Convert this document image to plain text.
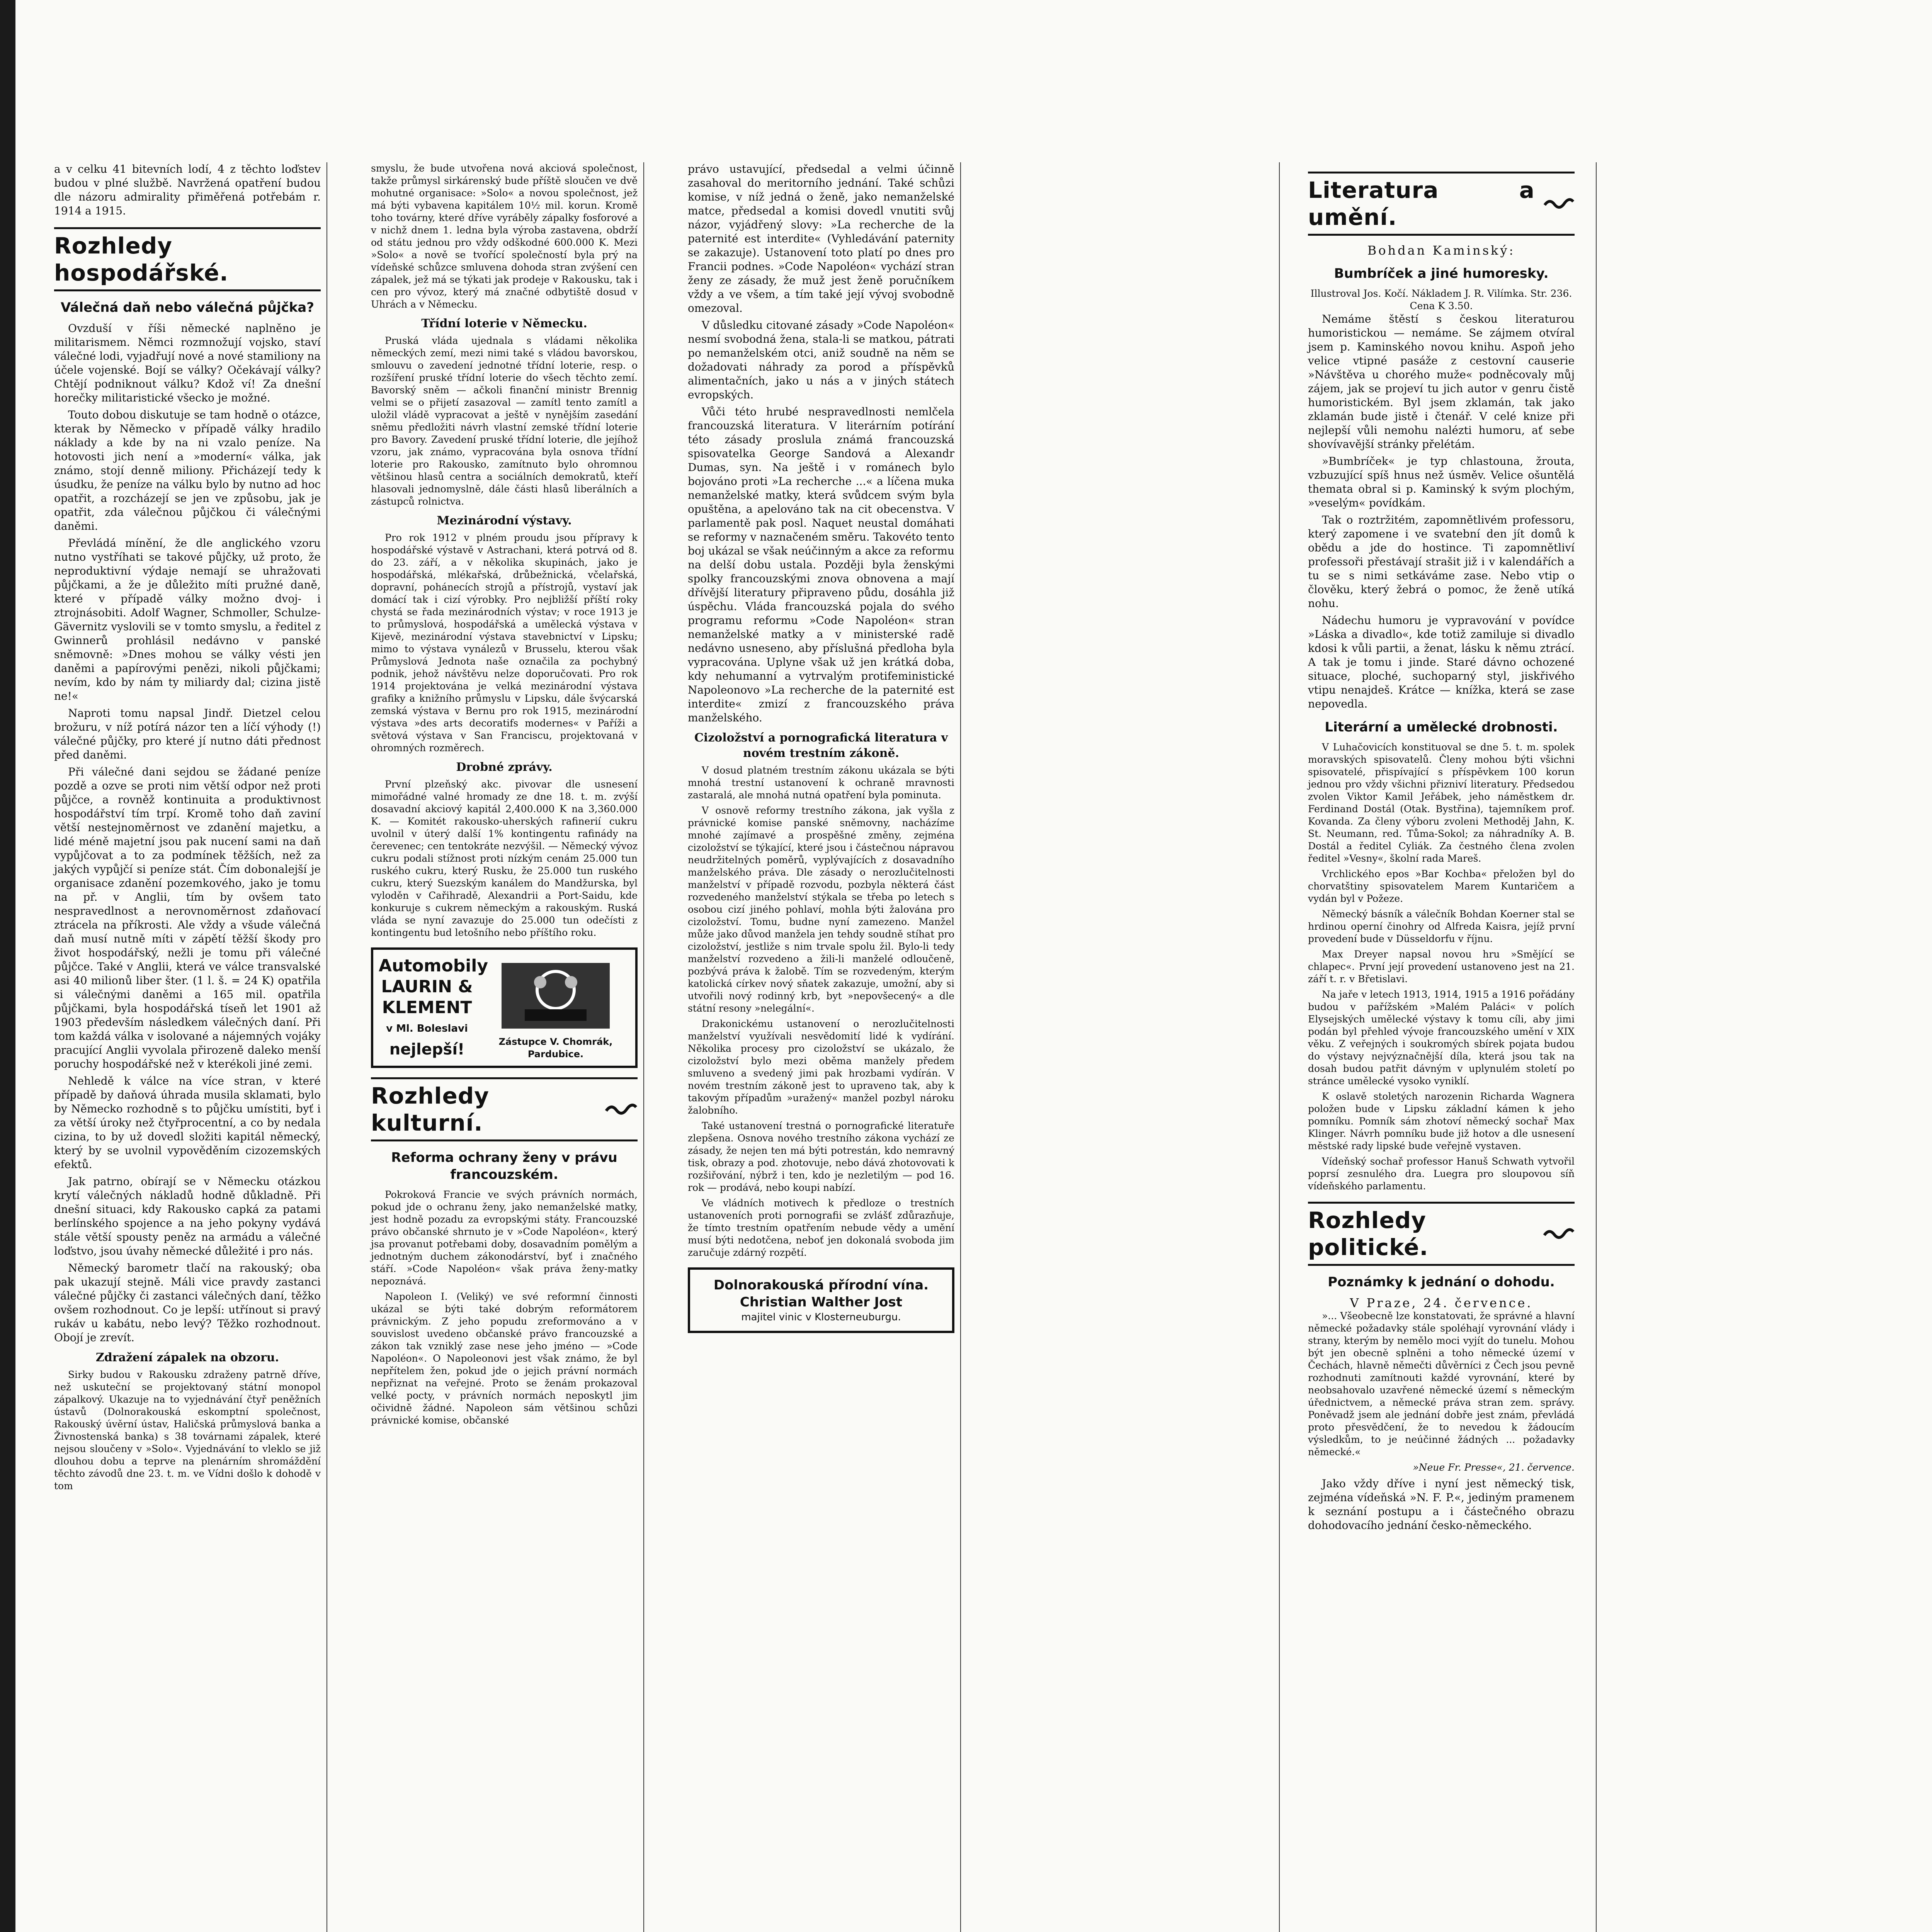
a v celku 41 bitevních lodí, 4 z těchto loďstev budou v plné službě. Navržená opatření budou dle názoru admirality přiměřená potřebám r. 1914 a 1915.

Rozhledy hospodářské.
Válečná daň nebo válečná půjčka?

Ovzduší v říši německé naplněno je militarismem. Němci rozmnožují vojsko, staví válečné lodi, vyjadřují nové a nové stamiliony na účele vojenské. Bojí se války? Očekávají války? Chtějí podniknout válku? Kdož ví! Za dnešní horečky militaristické všecko je možné.

Touto dobou diskutuje se tam hodně o otázce, kterak by Německo v případě války hradilo náklady a kde by na ni vzalo peníze. Na hotovosti jich není a »moderní« válka, jak známo, stojí denně miliony. Přicházejí tedy k úsudku, že peníze na válku bylo by nutno ad hoc opatřit, a rozcházejí se jen ve způsobu, jak je opatřit, zda válečnou půjčkou či válečnými daněmi.

Převládá mínění, že dle anglického vzoru nutno vystříhati se takové půjčky, už proto, že neproduktivní výdaje nemají se uhražovati půjčkami, a že je důležito míti pružné daně, které v případě války možno dvoj- i ztrojnásobiti. Adolf Wagner, Schmoller, Schulze-Gävernitz vyslovili se v tomto smyslu, a ředitel z Gwinnerů prohlásil nedávno v panské sněmovně: »Dnes mohou se války vésti jen daněmi a papírovými penězi, nikoli půjčkami; nevím, kdo by nám ty miliardy dal; cizina jistě ne!«

Naproti tomu napsal Jindř. Dietzel celou brožuru, v níž potírá názor ten a líčí výhody (!) válečné půjčky, pro které jí nutno dáti přednost před daněmi.

Při válečné dani sejdou se žádané peníze pozdě a ozve se proti nim větší odpor než proti půjčce, a rovněž kontinuita a produktivnost hospodářství tím trpí. Kromě toho daň zaviní větší nestejnoměrnost ve zdanění majetku, a lidé méně majetní jsou pak nucení sami na daň vypůjčovat a to za podmínek těžších, než za jakých vypůjčí si peníze stát. Čím dobonalejší je organisace zdanění pozemkového, jako je tomu na př. v Anglii, tím by ovšem tato nespravedlnost a nerovnoměrnost zdaňovací ztrácela na příkrosti. Ale vždy a všude válečná daň musí nutně míti v zápětí těžší škody pro život hospodářský, nežli je tomu při válečné půjčce. Také v Anglii, která ve válce transvalské asi 40 milionů liber šter. (1 l. š. = 24 K) opatřila si válečnými daněmi a 165 mil. opatřila půjčkami, byla hospodářská tíseň let 1901 až 1903 především následkem válečných daní. Při tom každá válka v isolované a nájemných vojáky pracující Anglii vyvolala přirozeně daleko menší poruchy hospodářské než v kterékoli jiné zemi.

Nehledě k válce na více stran, v které případě by daňová úhrada musila sklamati, bylo by Německo rozhodně s to půjčku umístiti, byť i za větší úroky než čtyřprocentní, a co by nedala cizina, to by už dovedl složiti kapitál německý, který by se uvolnil vypověděním cizozemských efektů.

Jak patrno, obírají se v Německu otázkou krytí válečných nákladů hodně důkladně. Při dnešní situaci, kdy Rakousko capká za patami berlínského spojence a na jeho pokyny vydává stále větší spousty peněz na armádu a válečné loďstvo, jsou úvahy německé důležité i pro nás.

Německý barometr tlačí na rakouský; oba pak ukazují stejně. Máli vice pravdy zastanci válečné půjčky či zastanci válečných daní, těžko ovšem rozhodnout. Co je lepší: utřínout si pravý rukáv u kabátu, nebo levý? Těžko rozhodnout. Obojí je zrevít.

Zdražení zápalek na obzoru.

Sirky budou v Rakousku zdraženy patrně dříve, než uskuteční se projektovaný státní monopol zápalkový. Ukazuje na to vyjednávání čtyř peněžních ústavů (Dolnorakouská eskomptní společnost, Rakouský úvěrní ústav, Haličská průmyslová banka a Živnostenská banka) s 38 továrnami zápalek, které nejsou sloučeny v »Solo«. Vyjednávání to vleklo se již dlouhou dobu a teprve na plenárním shromáždění těchto závodů dne 23. t. m. ve Vídni došlo k dohodě v tom

smyslu, že bude utvořena nová akciová společnost, takže průmysl sirkárenský bude příště sloučen ve dvě mohutné organisace: »Solo« a novou společnost, jež má býti vybavena kapitálem 10½ mil. korun. Kromě toho továrny, které dříve vyráběly zápalky fosforové a v nichž dnem 1. ledna byla výroba zastavena, obdrží od státu jednou pro vždy odškodné 600.000 K. Mezi »Solo« a nově se tvořící společností byla prý na vídeňské schůzce smluvena dohoda stran zvýšení cen zápalek, jež má se týkati jak prodeje v Rakousku, tak i cen pro vývoz, který má značné odbytiště dosud v Uhrách a v Německu.

Třídní loterie v Německu.

Pruská vláda ujednala s vládami několika německých zemí, mezi nimi také s vládou bavorskou, smlouvu o zavedení jednotné třídní loterie, resp. o rozšíření pruské třídní loterie do všech těchto zemí. Bavorský sněm — ačkoli finanční ministr Brennig velmi se o přijetí zasazoval — zamítl tento zamítl a uložil vládě vypracovat a ještě v nynějším zasedání sněmu předložiti návrh vlastní zemské třídní loterie pro Bavory. Zavedení pruské třídní loterie, dle jejíhož vzoru, jak známo, vypracována byla osnova třídní loterie pro Rakousko, zamítnuto bylo ohromnou většinou hlasů centra a sociálních demokratů, kteří hlasovali jednomyslně, dále části hlasů liberálních a zástupců rolnictva.

Mezinárodní výstavy.

Pro rok 1912 v plném proudu jsou přípravy k hospodářské výstavě v Astrachani, která potrvá od 8. do 23. září, a v několika skupinách, jako je hospodářská, mlékařská, drůbežnická, včelařská, dopravní, pohánecích strojů a přístrojů, vystaví jak domácí tak i cizí výrobky. Pro nejbližší příští roky chystá se řada mezinárodních výstav; v roce 1913 je to průmyslová, hospodářská a umělecká výstava v Kijevě, mezinárodní výstava stavebnictví v Lipsku; mimo to výstava vynálezů v Brusselu, kterou však Průmyslová Jednota naše označila za pochybný podnik, jehož návštěvu nelze doporučovati. Pro rok 1914 projektována je velká mezinárodní výstava grafiky a knižního průmyslu v Lipsku, dále švýcarská zemská výstava v Bernu pro rok 1915, mezinárodní výstava »des arts decoratifs modernes« v Paříži a světová výstava v San Franciscu, projektovaná v ohromných rozměrech.

Drobné zprávy.

První plzeňský akc. pivovar dle usnesení mimořádné valné hromady ze dne 18. t. m. zvýší dosavadní akciový kapitál 2,400.000 K na 3,360.000 K. — Komitét rakousko-uherských rafinerií cukru uvolnil v úterý další 1% kontingentu rafinády na čerevenec; cen tentokráte nezvýšil. — Německý vývoz cukru podali stížnost proti nízkým cenám 25.000 tun ruského cukru, který Rusku, že 25.000 tun ruského cukru, který Suezským kanálem do Mandžurska, byl vyloděn v Cařihradě, Alexandrii a Port-Saidu, kde konkuruje s cukrem německým a rakouským. Ruská vláda se nyní zavazuje do 25.000 tun odečísti z kontingentu bud letošního nebo příštího roku.

Automobily LAURIN & KLEMENT
v Ml. Boleslavi
nejlepší!	Zástupce V. Chomrák, Pardubice.
Rozhledy kulturní.
Reforma ochrany ženy v právu francouzském.

Pokroková Francie ve svých právních normách, pokud jde o ochranu ženy, jako nemanželské matky, jest hodně pozadu za evropskými státy. Francouzské právo občanské shrnuto je v »Code Napoléon«, který jsa provanut potřebami doby, dosavadním pomělým a jednotným duchem zákonodárství, byť i značného stáří. »Code Napoléon« však práva ženy-matky nepoznává.

Napoleon I. (Veliký) ve své reformní činnosti ukázal se býti také dobrým reformátorem právnickým. Z jeho popudu zreformováno a v souvislost uvedeno občanské právo francouzské a zákon tak vzniklý zase nese jeho jméno — »Code Napoléon«. O Napoleonovi jest však známo, že byl nepřítelem žen, pokud jde o jejich právní normách nepřiznat na veřejné. Proto se ženám prokazoval velké pocty, v právních normách neposkytl jim očividně žádné. Napoleon sám většinou schůzi právnické komise, občanské

právo ustavující, předsedal a velmi účinně zasahoval do meritorního jednání. Také schůzi komise, v níž jedná o ženě, jako nemanželské matce, předsedal a komisi dovedl vnutiti svůj názor, vyjádřený slovy: »La recherche de la paternité est interdite« (Vyhledávání paternity se zakazuje). Ustanovení toto platí po dnes pro Francii podnes. »Code Napoléon« vychází stran ženy ze zásady, že muž jest ženě poručníkem vždy a ve všem, a tím také její vývoj svobodně omezoval.

V důsledku citované zásady »Code Napoléon« nesmí svobodná žena, stala-li se matkou, pátrati po nemanželském otci, aniž soudně na něm se dožadovati náhrady za porod a příspěvků alimentačních, jako u nás a v jiných státech evropských.

Vůči této hrubé nespravedlnosti nemlčela francouzská literatura. V literárním potírání této zásady proslula známá francouzská spisovatelka George Sandová a Alexandr Dumas, syn. Na ještě i v románech bylo bojováno proti »La recherche ...« a líčena muka nemanželské matky, která svůdcem svým byla opuštěna, a apelováno tak na cit obecenstva. V parlamentě pak posl. Naquet neustal domáhati se reformy v naznačeném směru. Takovéto tento boj ukázal se však neúčinným a akce za reformu na delší dobu ustala. Později byla ženskými spolky francouzskými znova obnovena a mají dřívější literatury připraveno půdu, dosáhla již úspěchu. Vláda francouzská pojala do svého programu reformu »Code Napoléon« stran nemanželské matky a v ministerské radě nedávno usneseno, aby příslušná předloha byla vypracována. Uplyne však už jen krátká doba, kdy nehumanní a vytrvalým protifeministické Napoleonovo »La recherche de la paternité est interdite« zmizí z francouzského práva manželského.

Cizoložství a pornografická literatura v novém trestním zákoně.

V dosud platném trestním zákonu ukázala se býti mnohá trestní ustanovení k ochraně mravnosti zastaralá, ale mnohá nutná opatření byla pominuta.

V osnově reformy trestního zákona, jak vyšla z právnické komise panské sněmovny, nacházíme mnohé zajímavé a prospěšné změny, zejména cizoložství se týkající, které jsou i částečnou nápravou neudržitelných poměrů, vyplývajících z dosavadního manželského práva. Dle zásady o nerozlučitelnosti manželství v případě rozvodu, pozbyla některá část rozvedeného manželství stýkala se třeba po letech s osobou cizí jiného pohlaví, mohla býti žalována pro cizoložství. Tomu, budne nyní zamezeno. Manžel může jako důvod manžela jen tehdy soudně stíhat pro cizoložství, jestliže s nim trvale spolu žil. Bylo-li tedy manželství rozvedeno a žili-li manželé odloučeně, pozbývá práva k žalobě. Tím se rozvedeným, kterým katolická církev nový sňatek zakazuje, umožní, aby si utvořili nový rodinný krb, byt »nepovšecený« a dle státní resony »nelegální«.

Drakonickému ustanovení o nerozlučitelnosti manželství využívali nesvědomití lidé k vydírání. Několika procesy pro cizoložství se ukázalo, že cizoložství bylo mezi oběma manžely předem smluveno a svedený jimi pak hrozbami vydírán. V novém trestním zákoně jest to upraveno tak, aby k takovým případům »uražený« manžel pozbyl nároku žalobního.

Také ustanovení trestná o pornografické literatuře zlepšena. Osnova nového trestního zákona vychází ze zásady, že nejen ten má býti potrestán, kdo nemravný tisk, obrazy a pod. zhotovuje, nebo dává zhotovovati k rozšiřování, nýbrž i ten, kdo je nezletilým — pod 16. rok — prodává, nebo koupi nabízí.

Ve vládních motivech k předloze o trestních ustanoveních proti pornografii se zvlášť zdůrazňuje, že tímto trestním opatřením nebude vědy a umění musí býti nedotčena, neboť jen dokonalá svoboda jim zaručuje zdárný rozpětí.

Dolnorakouská přírodní vína.
Christian Walther Jost
majitel vinic v Klosterneuburgu.
Literatura a umění.
Bohdan Kaminský:
Bumbríček a jiné humoresky.
Illustroval Jos. Kočí. Nákladem J. R. Vilímka. Str. 236. Cena K 3.50.

Nemáme štěstí s českou literaturou humoristickou — nemáme. Se zájmem otvíral jsem p. Kaminského novou knihu. Aspoň jeho velice vtipné pasáže z cestovní causerie »Návštěva u chorého muže« podněcovaly můj zájem, jak se projeví tu jich autor v genru čistě humoristickém. Byl jsem zklamán, tak jako zklamán bude jistě i čtenář. V celé knize při nejlepší vůli nemohu nalézti humoru, ať sebe shovívavější stránky přelétám.

»Bumbríček« je typ chlastouna, žroutа, vzbuzující spíš hnus než úsměv. Velice ošuntělá themata obral si p. Kaminský k svým plochým, »veselým« povídkám.

Tak o roztržitém, zapomnětlivém professoru, který zapomene i ve svatební den jít domů k obědu a jde do hostince. Ti zapomnětliví professoři přestávají strašit již i v kalendářích a tu se s nimi setkáváme zase. Nebo vtip o člověku, který žebrá o pomoc, že ženě utíká nohu.

Nádechu humoru je vypravování v povídce »Láska a divadlo«, kde totiž zamiluje si divadlo kdosi k vůli partii, a ženat, lásku k němu ztrácí. A tak je tomu i jinde. Staré dávno ochozené situace, ploché, suchoparný styl, jiskřivého vtipu nenajdeš. Krátce — knížka, která se zase nepovedla.

Literární a umělecké drobnosti.

V Luhačovicích konstituoval se dne 5. t. m. spolek moravských spisovatelů. Členy mohou býti všichni spisovatelé, přispívající s příspěvkem 100 korun jednou pro vždy všichni přizniví literatury. Předsedou zvolen Viktor Kamil Jeřábek, jeho náměstkem dr. Ferdinand Dostál (Otak. Bystřina), tajemníkem prof. Kovanda. Za členy výboru zvoleni Methoděj Jahn, K. St. Neumann, red. Tůma-Sokol; za náhradníky A. B. Dostál a ředitel Cyliák. Za čestného člena zvolen ředitel »Vesny«, školní rada Mareš.

Vrchlického epos »Bar Kochba« přeložen byl do chorvatštiny spisovatelem Marem Kuntaričem a vydán byl v Požeze.

Německý básník a válečník Bohdan Koerner stal se hrdinou operní činohry od Alfreda Kaisra, jejíž první provedení bude v Düsseldorfu v říjnu.

Max Dreyer napsal novou hru »Smějící se chlapec«. První její provedení ustanoveno jest na 21. září t. r. v Břetislavi.

Na jaře v letech 1913, 1914, 1915 a 1916 pořádány budou v pařížském »Malém Paláci« v polích Elysejských umělecké výstavy k tomu cíli, aby jimi podán byl přehled vývoje francouzského umění v XIX věku. Z veřejných i soukromých sbírek pojata budou do výstavy nejvýznačnější díla, která jsou tak na dosah budou patřit dávným v uplynulém století po stránce umělecké vysoko vyniklí.

K oslavě stoletých narozenin Richarda Wagnera položen bude v Lipsku základní kámen k jeho pomníku. Pomník sám zhotoví německý sochař Max Klinger. Návrh pomníku bude již hotov a dle usnesení městské rady lipské bude veřejně vystaven.

Vídeňský sochař professor Hanuš Schwath vytvořil poprsí zesnulého dra. Luegra pro sloupovou síň vídeňského parlamentu.

Rozhledy politické.
Poznámky k jednání o dohodu.
V Praze, 24. července.

»... Všeobecně lze konstatovati, že správné a hlavní německé požadavky stále spoléhají vyrovnání vlády i strany, kterým by nemělo moci vyjít do tunelu. Mohou být jen obecně splněni a toho německé území v Čechách, hlavně němečti důvěrníci z Čech jsou pevně rozhodnuti zamítnouti každé vyrovnání, které by neobsahovalo uzavřené německé území s německým úřednictvem, a německé práva stran zem. správy. Poněvadž jsem ale jednání dobře jest znám, převládá proto přesvědčení, že to nevedou k žádoucím výsledkům, to je neúčinné žádných ... požadavky německé.«

»Neue Fr. Presse«, 21. července.

Jako vždy dříve i nyní jest německý tisk, zejména vídeňská »N. F. P.«, jediným pramenem k seznání postupu a i částečného obrazu dohodovacího jednání česko-německého.
